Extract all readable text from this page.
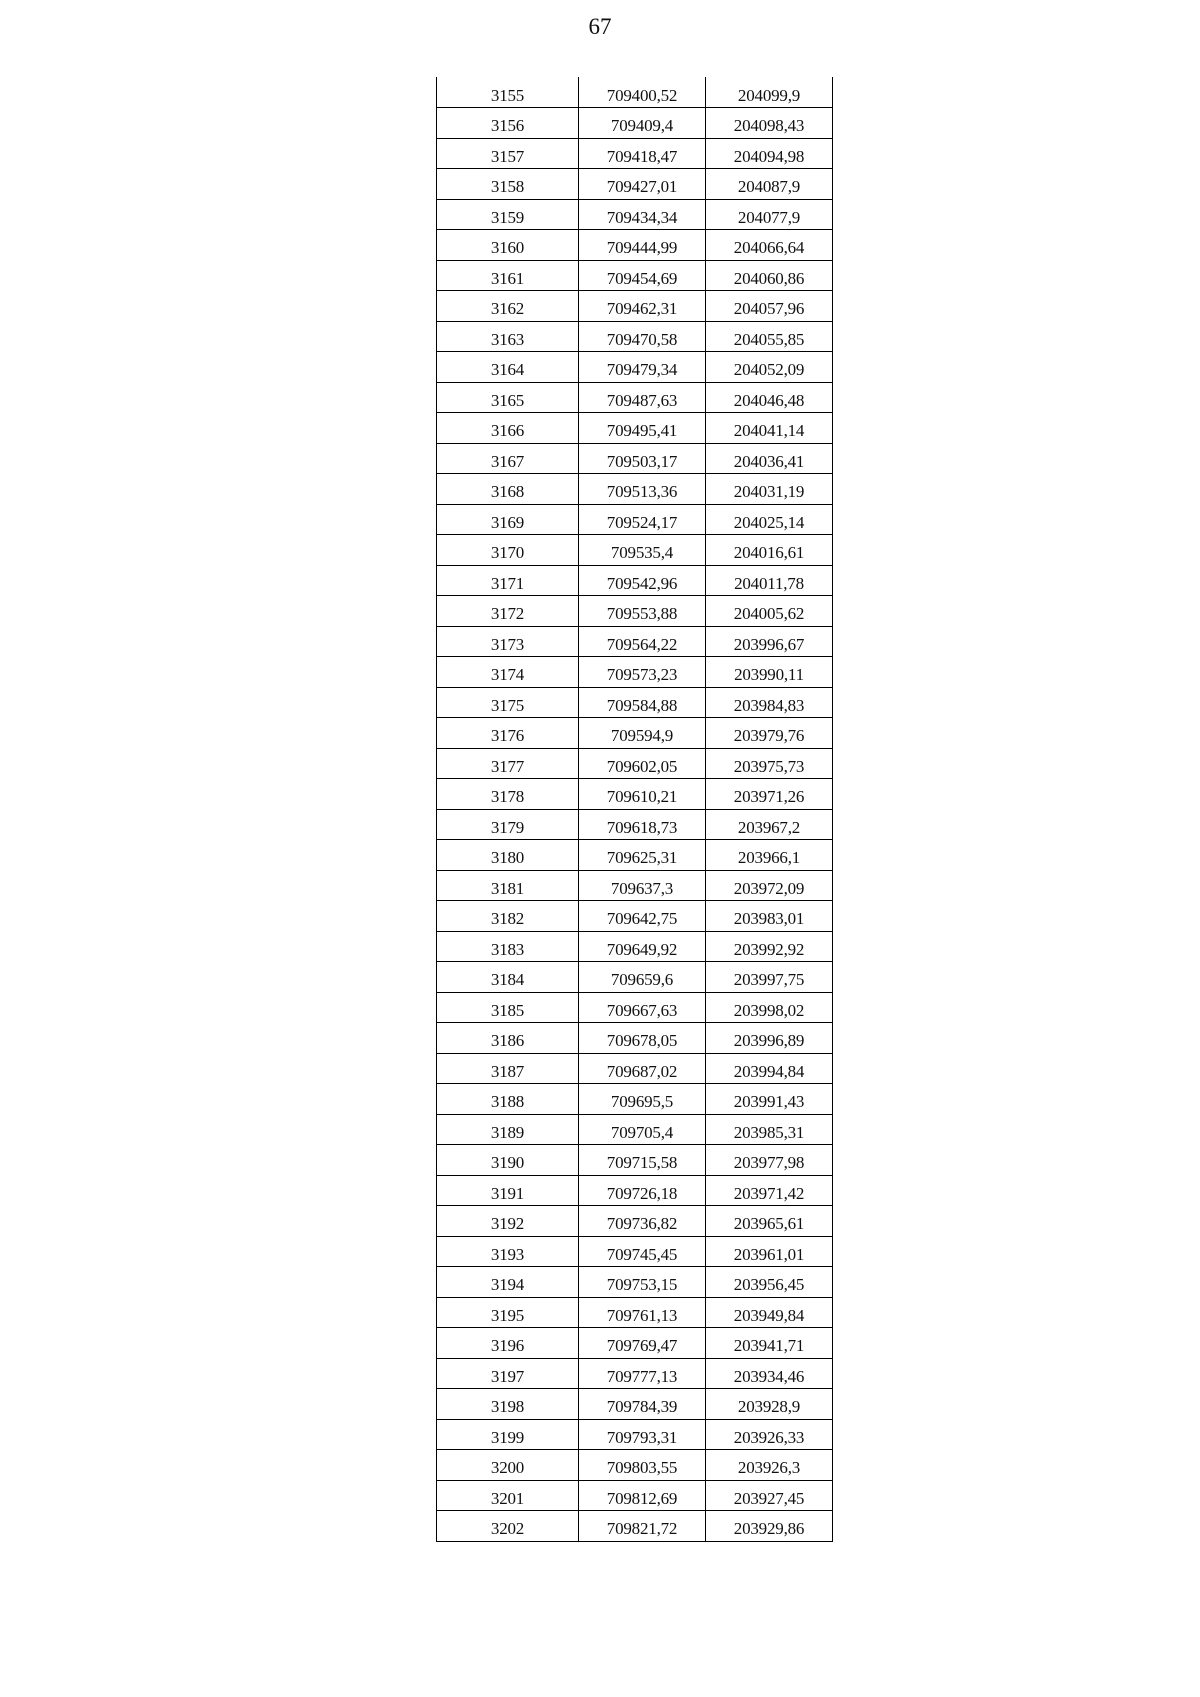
67
3155	709400,52	204099,9
3156	709409,4	204098,43
3157	709418,47	204094,98
3158	709427,01	204087,9
3159	709434,34	204077,9
3160	709444,99	204066,64
3161	709454,69	204060,86
3162	709462,31	204057,96
3163	709470,58	204055,85
3164	709479,34	204052,09
3165	709487,63	204046,48
3166	709495,41	204041,14
3167	709503,17	204036,41
3168	709513,36	204031,19
3169	709524,17	204025,14
3170	709535,4	204016,61
3171	709542,96	204011,78
3172	709553,88	204005,62
3173	709564,22	203996,67
3174	709573,23	203990,11
3175	709584,88	203984,83
3176	709594,9	203979,76
3177	709602,05	203975,73
3178	709610,21	203971,26
3179	709618,73	203967,2
3180	709625,31	203966,1
3181	709637,3	203972,09
3182	709642,75	203983,01
3183	709649,92	203992,92
3184	709659,6	203997,75
3185	709667,63	203998,02
3186	709678,05	203996,89
3187	709687,02	203994,84
3188	709695,5	203991,43
3189	709705,4	203985,31
3190	709715,58	203977,98
3191	709726,18	203971,42
3192	709736,82	203965,61
3193	709745,45	203961,01
3194	709753,15	203956,45
3195	709761,13	203949,84
3196	709769,47	203941,71
3197	709777,13	203934,46
3198	709784,39	203928,9
3199	709793,31	203926,33
3200	709803,55	203926,3
3201	709812,69	203927,45
3202	709821,72	203929,86
